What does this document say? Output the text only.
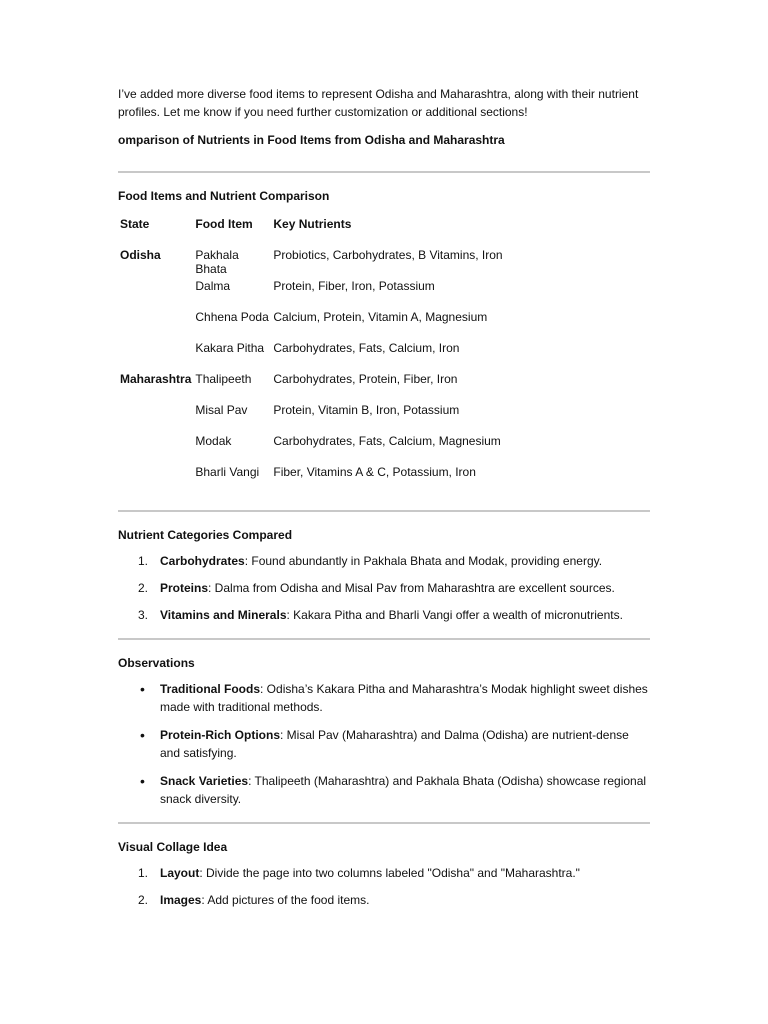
I’ve added more diverse food items to represent Odisha and Maharashtra, along with their nutrient profiles. Let me know if you need further customization or additional sections!

omparison of Nutrients in Food Items from Odisha and Maharashtra

Food Items and Nutrient Comparison
State	Food Item	Key Nutrients
Odisha	Pakhala Bhata	Probiotics, Carbohydrates, B Vitamins, Iron
	Dalma	Protein, Fiber, Iron, Potassium
	Chhena Poda	Calcium, Protein, Vitamin A, Magnesium
	Kakara Pitha	Carbohydrates, Fats, Calcium, Iron
Maharashtra	Thalipeeth	Carbohydrates, Protein, Fiber, Iron
	Misal Pav	Protein, Vitamin B, Iron, Potassium
	Modak	Carbohydrates, Fats, Calcium, Magnesium
	Bharli Vangi	Fiber, Vitamins A & C, Potassium, Iron
Nutrient Categories Compared
1. Carbohydrates: Found abundantly in Pakhala Bhata and Modak, providing energy.
2. Proteins: Dalma from Odisha and Misal Pav from Maharashtra are excellent sources.
3. Vitamins and Minerals: Kakara Pitha and Bharli Vangi offer a wealth of micronutrients.
Observations
• Traditional Foods: Odisha’s Kakara Pitha and Maharashtra’s Modak highlight sweet dishes made with traditional methods.
• Protein-Rich Options: Misal Pav (Maharashtra) and Dalma (Odisha) are nutrient-dense and satisfying.
• Snack Varieties: Thalipeeth (Maharashtra) and Pakhala Bhata (Odisha) showcase regional snack diversity.
Visual Collage Idea
1. Layout: Divide the page into two columns labeled "Odisha" and "Maharashtra."
2. Images: Add pictures of the food items.
